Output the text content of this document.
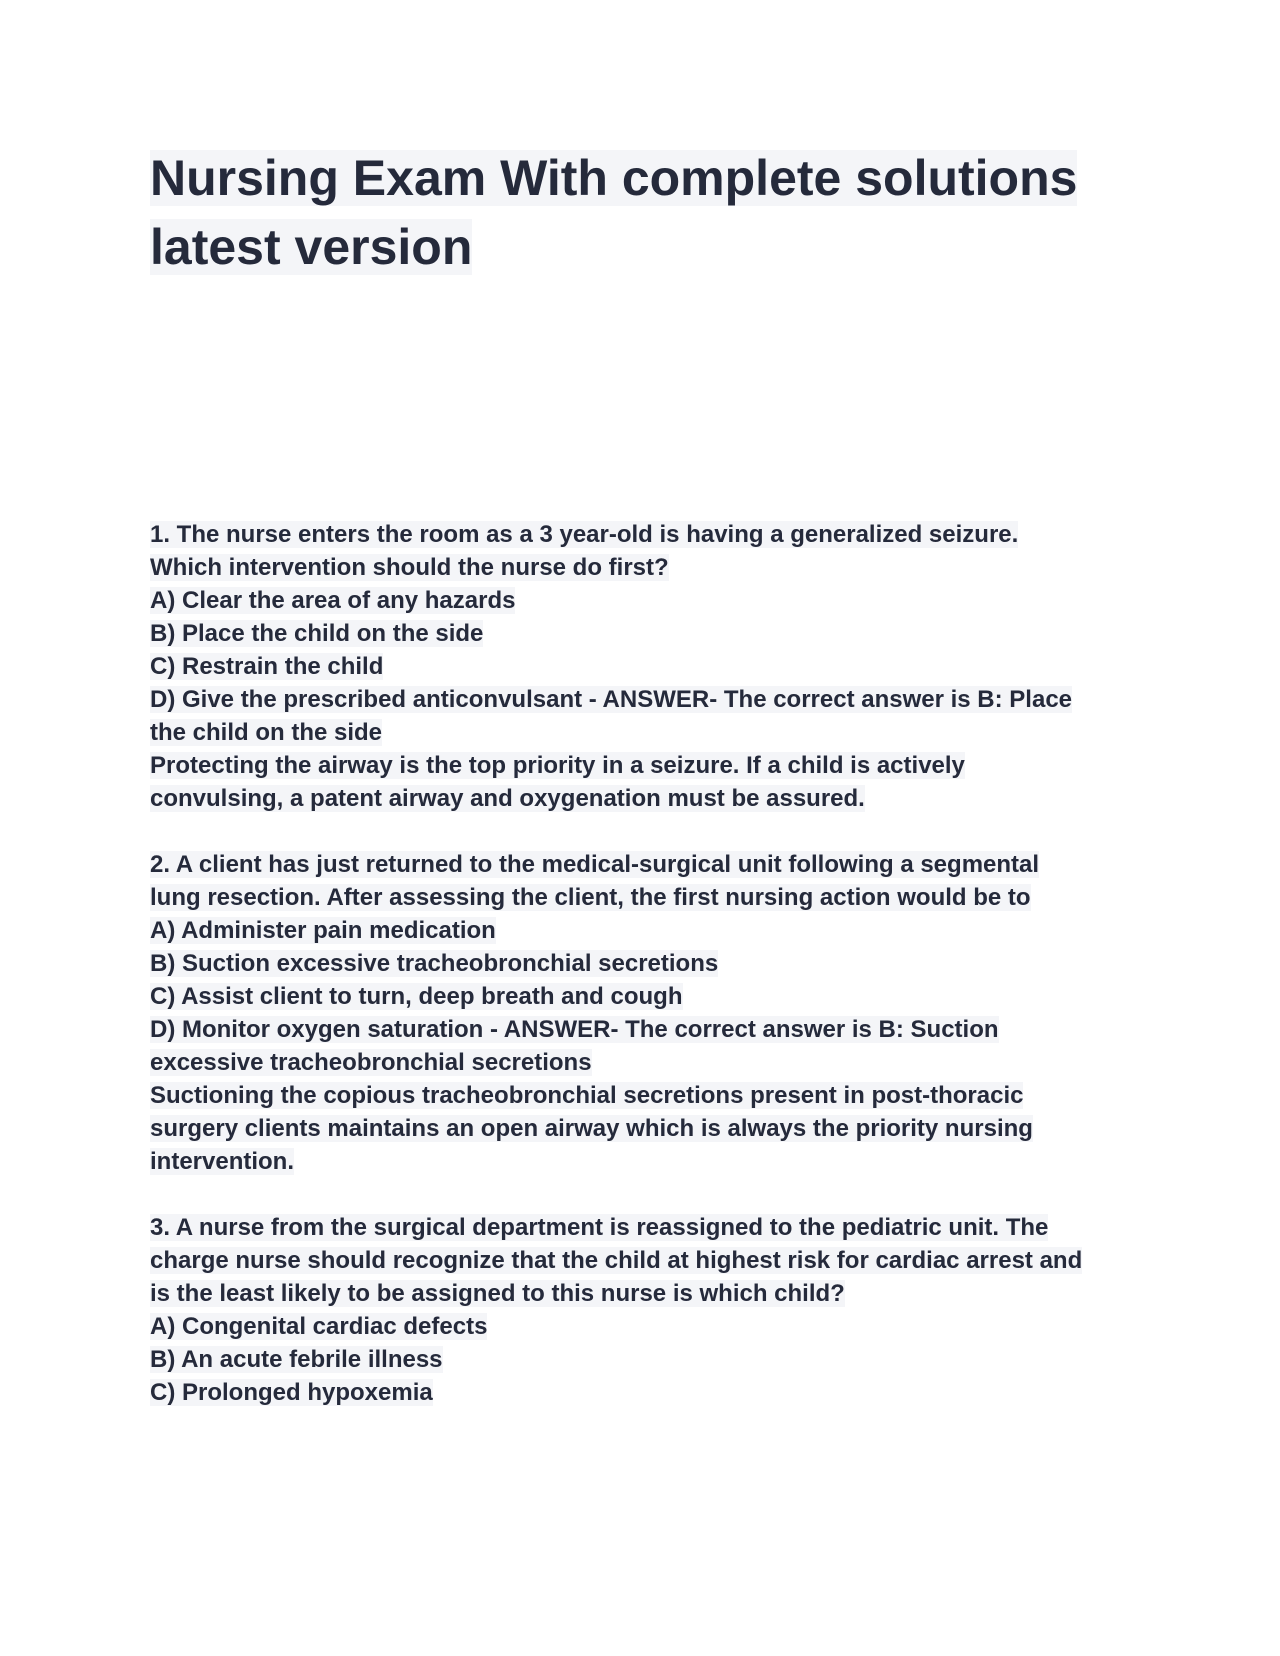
Nursing Exam With complete solutions
latest version
1. The nurse enters the room as a 3 year-old is having a generalized seizure.
Which intervention should the nurse do first?
A) Clear the area of any hazards
B) Place the child on the side
C) Restrain the child
D) Give the prescribed anticonvulsant - ANSWER- The correct answer is B: Place
the child on the side
Protecting the airway is the top priority in a seizure. If a child is actively
convulsing, a patent airway and oxygenation must be assured.
2. A client has just returned to the medical-surgical unit following a segmental
lung resection. After assessing the client, the first nursing action would be to
A) Administer pain medication
B) Suction excessive tracheobronchial secretions
C) Assist client to turn, deep breath and cough
D) Monitor oxygen saturation - ANSWER- The correct answer is B: Suction
excessive tracheobronchial secretions
Suctioning the copious tracheobronchial secretions present in post-thoracic
surgery clients maintains an open airway which is always the priority nursing
intervention.
3. A nurse from the surgical department is reassigned to the pediatric unit. The
charge nurse should recognize that the child at highest risk for cardiac arrest and
is the least likely to be assigned to this nurse is which child?
A) Congenital cardiac defects
B) An acute febrile illness
C) Prolonged hypoxemia
